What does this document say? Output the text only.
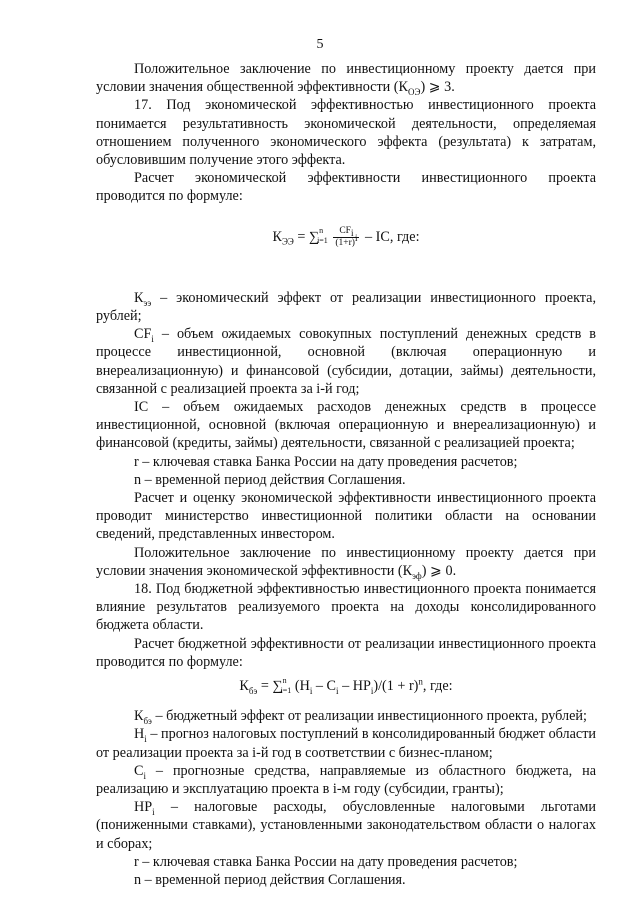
5

Положительное заключение по инвестиционному проекту дается при условии значения общественной эффективности $(К_{ОЭ})$ ⩾ 3.

17. Под экономической эффективностью инвестиционного проекта понимается результативность экономической деятельности, определяемая отношением полученного экономического эффекта (результата) к затратам, обусловившим получение этого эффекта.

Расчет экономической эффективности инвестиционного проекта проводится по формуле:

$К_{ЭЭ} = \sum^n_{i=1} \frac{CF_i}{(1+r)^i}$ – IC, где:

$К_{ээ}$ – экономический эффект от реализации инвестиционного проекта, рублей;

$CF_i$ – объем ожидаемых совокупных поступлений денежных средств в процессе инвестиционной, основной (включая операционную и внереализационную) и финансовой (субсидии, дотации, займы) деятельности, связанной с реализацией проекта за i-й год;

IC – объем ожидаемых расходов денежных средств в процессе инвестиционной, основной (включая операционную и внереализационную) и финансовой (кредиты, займы) деятельности, связанной с реализацией проекта;

r – ключевая ставка Банка России на дату проведения расчетов;

n – временной период действия Соглашения.

Расчет и оценку экономической эффективности инвестиционного проекта проводит министерство инвестиционной политики области на основании сведений, представленных инвестором.

Положительное заключение по инвестиционному проекту дается при условии значения экономической эффективности $(К_{эф})$ ⩾ 0.

18. Под бюджетной эффективностью инвестиционного проекта понимается влияние результатов реализуемого проекта на доходы консолидированного бюджета области.

Расчет бюджетной эффективности от реализации инвестиционного проекта проводится по формуле:

$К_{бэ} = \sum^n_{i=1}$ $(Н_i - С_i - НР_i)/(1 + r)^n$, где:

$К_{бэ}$ – бюджетный эффект от реализации инвестиционного проекта, рублей;

$Н_i$ – прогноз налоговых поступлений в консолидированный бюджет области от реализации проекта за i-й год в соответствии с бизнес-планом;

$С_i$ – прогнозные средства, направляемые из областного бюджета, на реализацию и эксплуатацию проекта в i-м году (субсидии, гранты);

$НР_i$ – налоговые расходы, обусловленные налоговыми льготами (пониженными ставками), установленными законодательством области о налогах и сборах;

r – ключевая ставка Банка России на дату проведения расчетов;

n – временной период действия Соглашения.
